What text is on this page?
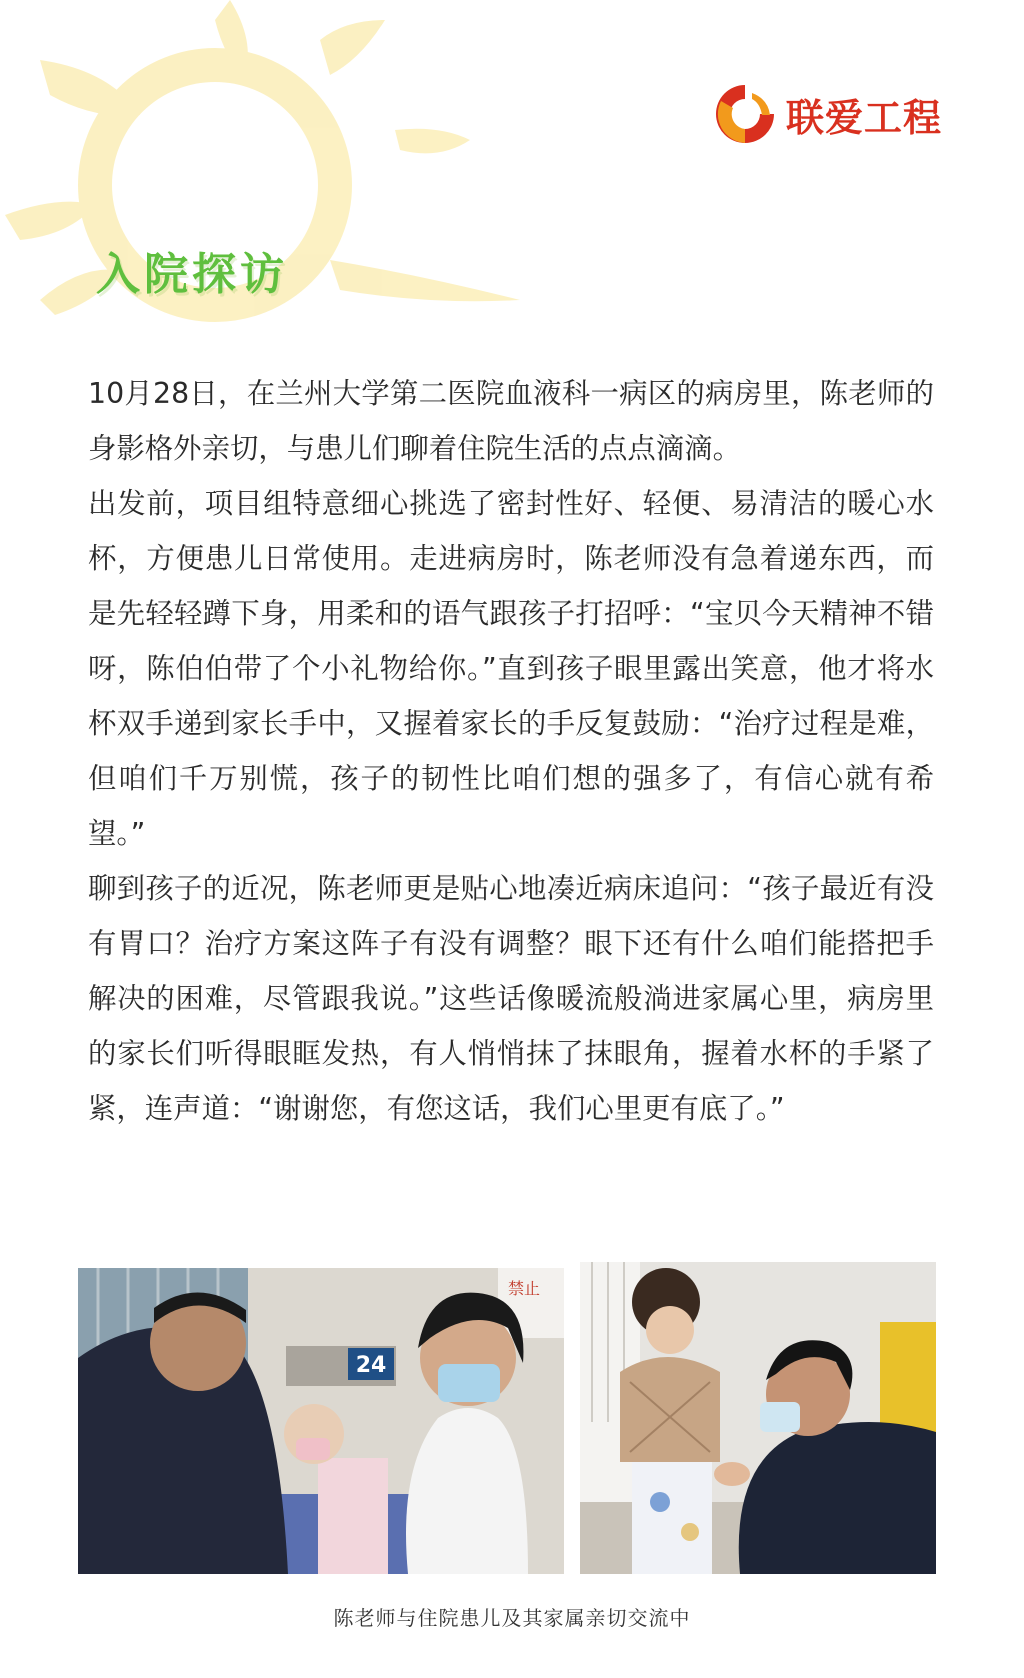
联爱工程
入院探访

10月28日，在兰州大学第二医院血液科一病区的病房里，陈老师的身影格外亲切，与患儿们聊着住院生活的点点滴滴。

出发前，项目组特意细心挑选了密封性好、轻便、易清洁的暖心水杯，方便患儿日常使用。走进病房时，陈老师没有急着递东西，而是先轻轻蹲下身，用柔和的语气跟孩子打招呼：“宝贝今天精神不错呀，陈伯伯带了个小礼物给你。”直到孩子眼里露出笑意，他才将水杯双手递到家长手中，又握着家长的手反复鼓励：“治疗过程是难，但咱们千万别慌，孩子的韧性比咱们想的强多了，有信心就有希望。”

聊到孩子的近况，陈老师更是贴心地凑近病床追问：“孩子最近有没有胃口？治疗方案这阵子有没有调整？眼下还有什么咱们能搭把手解决的困难，尽管跟我说。”这些话像暖流般淌进家属心里，病房里的家长们听得眼眶发热，有人悄悄抹了抹眼角，握着水杯的手紧了紧，连声道：“谢谢您，有您这话，我们心里更有底了。”

24
禁止
陈老师与住院患儿及其家属亲切交流中
